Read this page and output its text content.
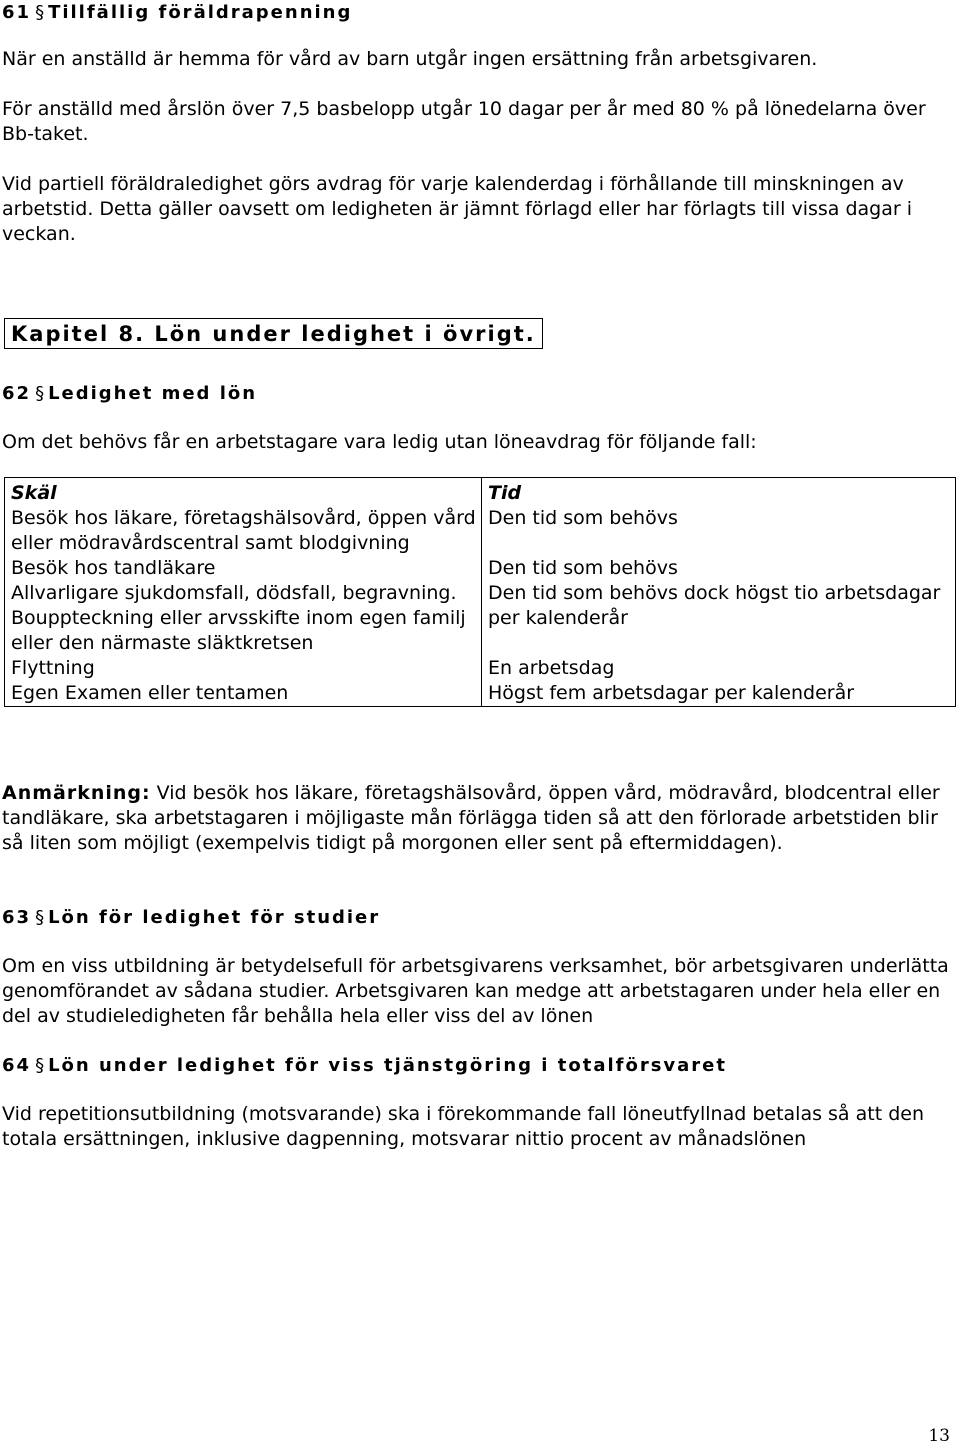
61 § Tillfällig föräldrapenning

När en anställd är hemma för vård av barn utgår ingen ersättning från arbetsgivaren.

För anställd med årslön över 7,5 basbelopp utgår 10 dagar per år med 80 % på lönedelarna över Bb-taket.

Vid partiell föräldraledighet görs avdrag för varje kalenderdag i förhållande till minskningen av arbetstid. Detta gäller oavsett om ledigheten är jämnt förlagd eller har förlagts till vissa dagar i veckan.

Kapitel 8. Lön under ledighet i övrigt.
62 § Ledighet med lön

Om det behövs får en arbetstagare vara ledig utan löneavdrag för följande fall:

Skäl	Tid
Besök hos läkare, företagshälsovård, öppen vård eller mödravårdscentral samt blodgivning	Den tid som behövs
Besök hos tandläkare	Den tid som behövs
Allvarligare sjukdomsfall, dödsfall, begravning. Bouppteckning eller arvsskifte inom egen familj eller den närmaste släktkretsen	Den tid som behövs dock högst tio arbetsdagar per kalenderår
Flyttning	En arbetsdag
Egen Examen eller tentamen	Högst fem arbetsdagar per kalenderår

Anmärkning: Vid besök hos läkare, företagshälsovård, öppen vård, mödravård, blodcentral eller tandläkare, ska arbetstagaren i möjligaste mån förlägga tiden så att den förlorade arbetstiden blir så liten som möjligt (exempelvis tidigt på morgonen eller sent på eftermiddagen).

63 § Lön för ledighet för studier

Om en viss utbildning är betydelsefull för arbetsgivarens verksamhet, bör arbetsgivaren underlätta genomförandet av sådana studier. Arbetsgivaren kan medge att arbetstagaren under hela eller en del av studieledigheten får behålla hela eller viss del av lönen

64 § Lön under ledighet för viss tjänstgöring i totalförsvaret

Vid repetitionsutbildning (motsvarande) ska i förekommande fall löneutfyllnad betalas så att den totala ersättningen, inklusive dagpenning, motsvarar nittio procent av månadslönen

13
